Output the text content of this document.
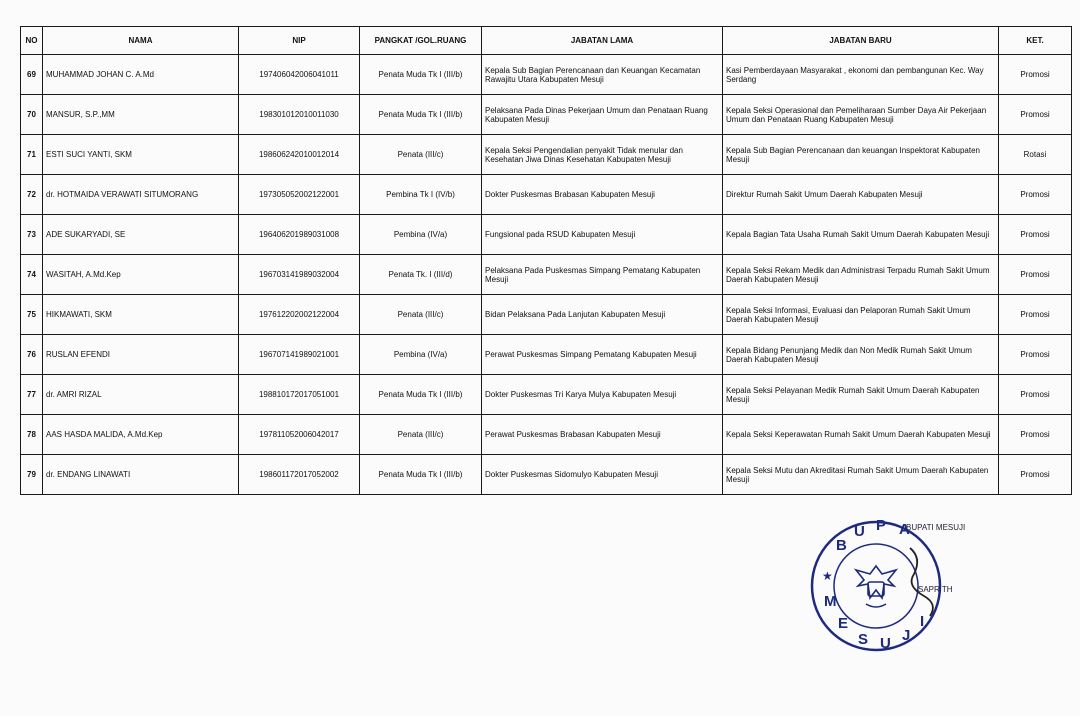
NO	NAMA	NIP	PANGKAT /GOL.RUANG	JABATAN LAMA	JABATAN BARU	KET.
69	MUHAMMAD JOHAN C. A.Md	197406042006041011	Penata Muda Tk I (III/b)	Kepala Sub Bagian Perencanaan dan Keuangan Kecamatan Rawajitu Utara Kabupaten Mesuji	Kasi Pemberdayaan Masyarakat , ekonomi dan pembangunan Kec. Way Serdang	Promosi
70	MANSUR, S.P.,MM	198301012010011030	Penata Muda Tk I (III/b)	Pelaksana Pada Dinas Pekerjaan Umum dan Penataan Ruang Kabupaten Mesuji	Kepala Seksi Operasional dan Pemeliharaan Sumber Daya Air Pekerjaan Umum dan Penataan Ruang Kabupaten Mesuji	Promosi
71	ESTI SUCI YANTI, SKM	198606242010012014	Penata (III/c)	Kepala Seksi Pengendalian penyakit Tidak menular dan Kesehatan Jiwa Dinas Kesehatan Kabupaten Mesuji	Kepala Sub Bagian Perencanaan dan keuangan Inspektorat Kabupaten Mesuji	Rotasi
72	dr. HOTMAIDA VERAWATI SITUMORANG	197305052002122001	Pembina Tk I (IV/b)	Dokter Puskesmas Brabasan Kabupaten Mesuji	Direktur Rumah Sakit Umum Daerah Kabupaten Mesuji	Promosi
73	ADE SUKARYADI, SE	196406201989031008	Pembina (IV/a)	Fungsional pada RSUD Kabupaten Mesuji	Kepala Bagian Tata Usaha Rumah Sakit Umum Daerah Kabupaten Mesuji	Promosi
74	WASITAH, A.Md.Kep	196703141989032004	Penata Tk. I (III/d)	Pelaksana Pada Puskesmas Simpang Pematang Kabupaten Mesuji	Kepala Seksi Rekam Medik dan Administrasi Terpadu Rumah Sakit Umum Daerah Kabupaten Mesuji	Promosi
75	HIKMAWATI, SKM	197612202002122004	Penata (III/c)	Bidan Pelaksana Pada Lanjutan Kabupaten Mesuji	Kepala Seksi Informasi, Evaluasi dan Pelaporan Rumah Sakit Umum Daerah Kabupaten Mesuji	Promosi
76	RUSLAN EFENDI	196707141989021001	Pembina (IV/a)	Perawat Puskesmas Simpang Pematang Kabupaten Mesuji	Kepala Bidang Penunjang Medik dan Non Medik Rumah Sakit Umum Daerah Kabupaten Mesuji	Promosi
77	dr. AMRI RIZAL	198810172017051001	Penata Muda Tk I (III/b)	Dokter Puskesmas Tri Karya Mulya Kabupaten Mesuji	Kepala Seksi Pelayanan Medik Rumah Sakit Umum Daerah Kabupaten Mesuji	Promosi
78	AAS HASDA MALIDA, A.Md.Kep	197811052006042017	Penata (III/c)	Perawat Puskesmas Brabasan Kabupaten Mesuji	Kepala Seksi Keperawatan Rumah Sakit Umum Daerah Kabupaten Mesuji	Promosi
79	dr. ENDANG LINAWATI	198601172017052002	Penata Muda Tk I (III/b)	Dokter Puskesmas Sidomulyo Kabupaten Mesuji	Kepala Seksi Mutu dan Akreditasi Rumah Sakit Umum Daerah Kabupaten Mesuji	Promosi
B
U P A
M
E
S U J
I
★
BUPATI MESUJI
SAPR TH
